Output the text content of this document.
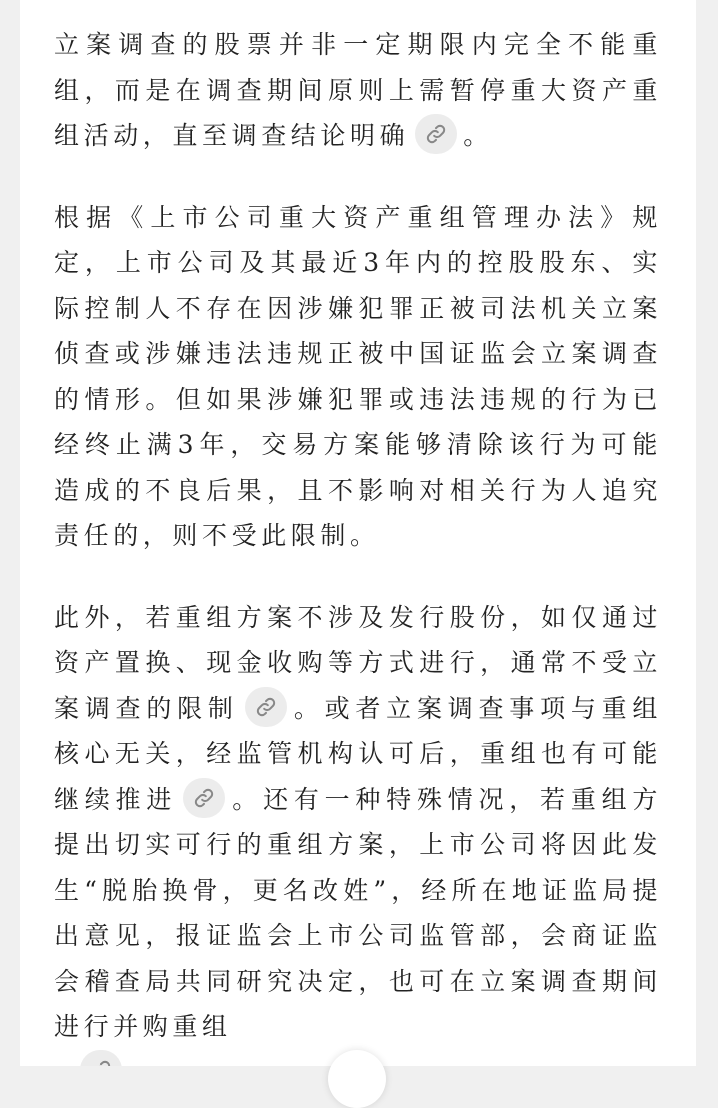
立案调查的股票并非一定期限内完全不能重组，而是在调查期间原则上需暂停重大资产重组活动，直至调查结论明确 。

根据《上市公司重大资产重组管理办法》规定，上市公司及其最近3年内的控股股东、实际控制人不存在因涉嫌犯罪正被司法机关立案侦查或涉嫌违法违规正被中国证监会立案调查的情形。但如果涉嫌犯罪或违法违规的行为已经终止满3年，交易方案能够清除该行为可能造成的不良后果，且不影响对相关行为人追究责任的，则不受此限制。

此外，若重组方案不涉及发行股份，如仅通过资产置换、现金收购等方式进行，通常不受立案调查的限制 。或者立案调查事项与重组核心无关，经监管机构认可后，重组也有可能继续推进 。还有一种特殊情况，若重组方提出切实可行的重组方案，上市公司将因此发生“脱胎换骨，更名改姓”，经所在地证监局提出意见，报证监会上市公司监管部，会商证监会稽查局共同研究决定，也可在立案调查期间进行并购重组
